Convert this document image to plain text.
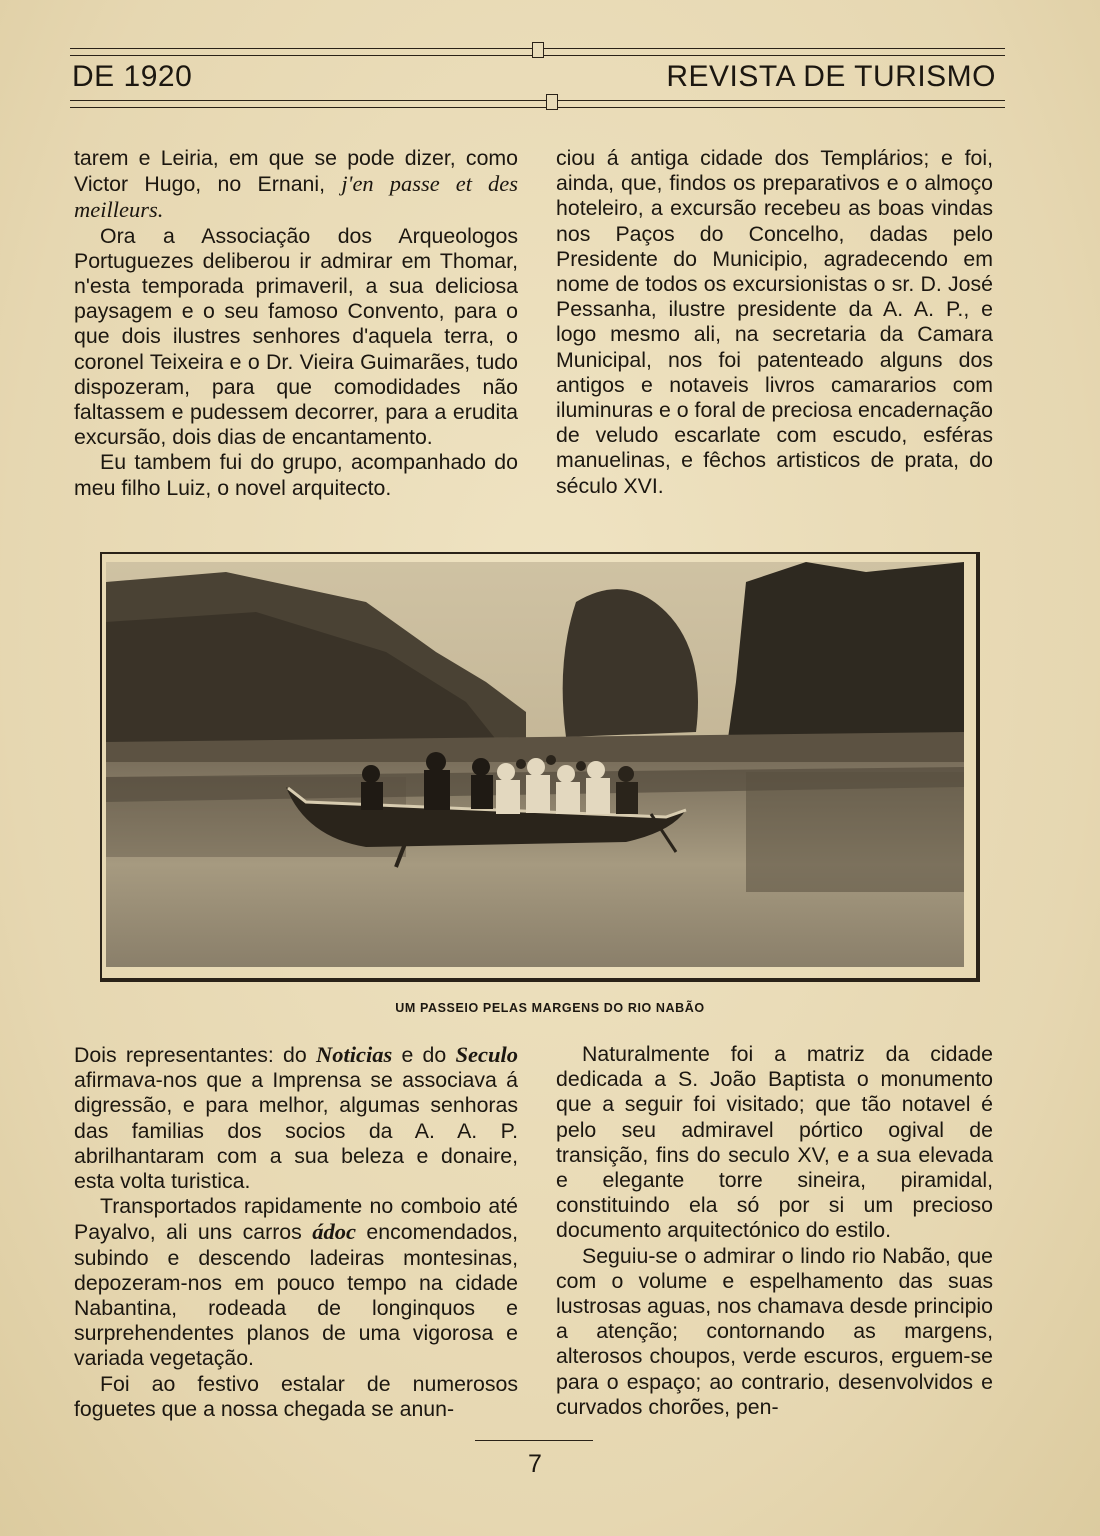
DE 1920	REVISTA DE TURISMO

tarem e Leiria, em que se pode dizer, como Victor Hugo, no Ernani, j'en passe et des meilleurs.

Ora a Associação dos Arqueologos Portuguezes deliberou ir admirar em Thomar, n'esta temporada primaveril, a sua deliciosa paysagem e o seu famoso Convento, para o que dois ilustres senhores d'aquela terra, o coronel Teixeira e o Dr. Vieira Guimarães, tudo dispozeram, para que comodidades não faltassem e pudessem decorrer, para a erudita excursão, dois dias de encantamento.

Eu tambem fui do grupo, acompanhado do meu filho Luiz, o novel arquitecto.

ciou á antiga cidade dos Templários; e foi, ainda, que, findos os preparativos e o almoço hoteleiro, a excursão recebeu as boas vindas nos Paços do Concelho, dadas pelo Presidente do Municipio, agradecendo em nome de todos os excursionistas o sr. D. José Pessanha, ilustre presidente da A. A. P., e logo mesmo ali, na secretaria da Camara Municipal, nos foi patenteado alguns dos antigos e notaveis livros camararios com iluminuras e o foral de preciosa encadernação de veludo escarlate com escudo, esféras manuelinas, e fêchos artisticos de prata, do século XVI.

UM PASSEIO PELAS MARGENS DO RIO NABÃO

Dois representantes: do Noticias e do Seculo afirmava-nos que a Imprensa se associava á digressão, e para melhor, algumas senhoras das familias dos socios da A. A. P. abrilhantaram com a sua beleza e donaire, esta volta turistica.

Transportados rapidamente no comboio até Payalvo, ali uns carros ádoc encomendados, subindo e descendo ladeiras montesinas, depozeram-nos em pouco tempo na cidade Nabantina, rodeada de longinquos e surprehendentes planos de uma vigorosa e variada vegetação.

Foi ao festivo estalar de numerosos foguetes que a nossa chegada se anun-

Naturalmente foi a matriz da cidade dedicada a S. João Baptista o monumento que a seguir foi visitado; que tão notavel é pelo seu admiravel pórtico ogival de transição, fins do seculo XV, e a sua elevada e elegante torre sineira, piramidal, constituindo ela só por si um precioso documento arquitectónico do estilo.

Seguiu-se o admirar o lindo rio Nabão, que com o volume e espelhamento das suas lustrosas aguas, nos chamava desde principio a atenção; contornando as margens, alterosos choupos, verde escuros, erguem-se para o espaço; ao contrario, desenvolvidos e curvados chorões, pen-

7
